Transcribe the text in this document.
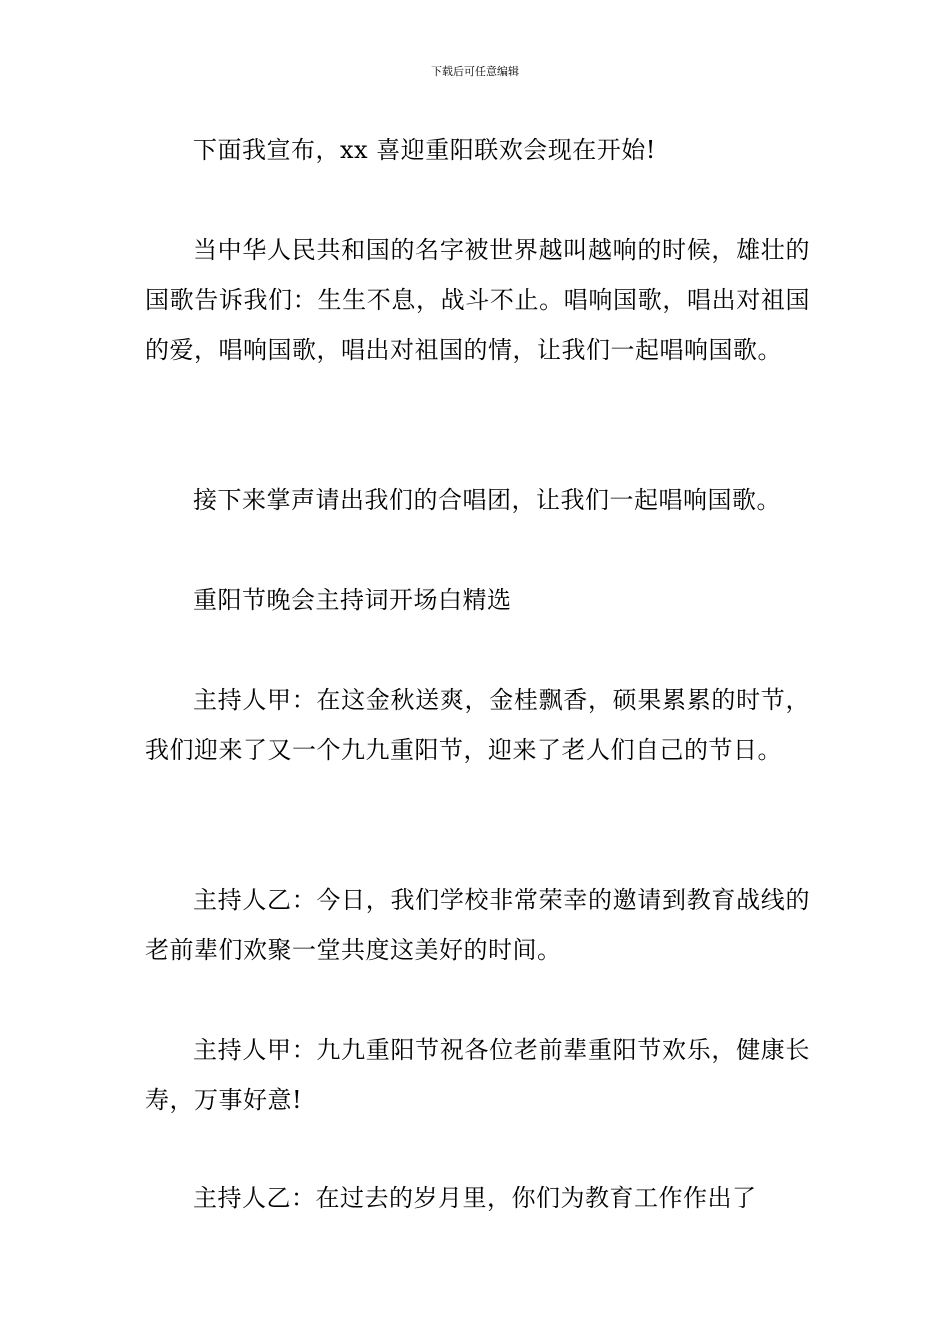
下载后可任意编辑

下面我宣布，xx 喜迎重阳联欢会现在开始!

当中华人民共和国的名字被世界越叫越响的时候，雄壮的国歌告诉我们：生生不息，战斗不止。唱响国歌，唱出对祖国的爱，唱响国歌，唱出对祖国的情，让我们一起唱响国歌。

接下来掌声请出我们的合唱团，让我们一起唱响国歌。

重阳节晚会主持词开场白精选

主持人甲：在这金秋送爽，金桂飘香，硕果累累的时节，我们迎来了又一个九九重阳节，迎来了老人们自己的节日。

主持人乙：今日，我们学校非常荣幸的邀请到教育战线的老前辈们欢聚一堂共度这美好的时间。

主持人甲：九九重阳节祝各位老前辈重阳节欢乐，健康长寿，万事好意!

主持人乙：在过去的岁月里，你们为教育工作作出了
